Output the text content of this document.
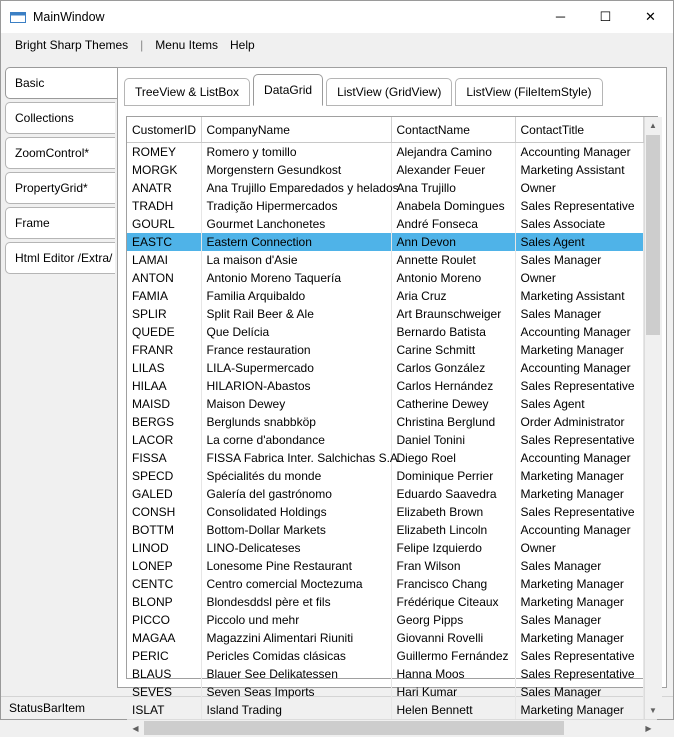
MainWindow	─	☐	✕
Bright Sharp Themes	|	Menu Items	Help
Basic
Collections
ZoomControl*
PropertyGrid*
Frame
Html Editor /Extra/
TreeView & ListBox DataGrid ListView (GridView) ListView (FileItemStyle)
CustomerID	CompanyName	ContactName	ContactTitle
ROMEY	Romero y tomillo	Alejandra Camino	Accounting Manager
MORGK	Morgenstern Gesundkost	Alexander Feuer	Marketing Assistant
ANATR	Ana Trujillo Emparedados y helados	Ana Trujillo	Owner
TRADH	Tradição Hipermercados	Anabela Domingues	Sales Representative
GOURL	Gourmet Lanchonetes	André Fonseca	Sales Associate
EASTC	Eastern Connection	Ann Devon	Sales Agent
LAMAI	La maison d'Asie	Annette Roulet	Sales Manager
ANTON	Antonio Moreno Taquería	Antonio Moreno	Owner
FAMIA	Familia Arquibaldo	Aria Cruz	Marketing Assistant
SPLIR	Split Rail Beer & Ale	Art Braunschweiger	Sales Manager
QUEDE	Que Delícia	Bernardo Batista	Accounting Manager
FRANR	France restauration	Carine Schmitt	Marketing Manager
LILAS	LILA-Supermercado	Carlos González	Accounting Manager
HILAA	HILARION-Abastos	Carlos Hernández	Sales Representative
MAISD	Maison Dewey	Catherine Dewey	Sales Agent
BERGS	Berglunds snabbköp	Christina Berglund	Order Administrator
LACOR	La corne d'abondance	Daniel Tonini	Sales Representative
FISSA	FISSA Fabrica Inter. Salchichas S.A.	Diego Roel	Accounting Manager
SPECD	Spécialités du monde	Dominique Perrier	Marketing Manager
GALED	Galería del gastrónomo	Eduardo Saavedra	Marketing Manager
CONSH	Consolidated Holdings	Elizabeth Brown	Sales Representative
BOTTM	Bottom-Dollar Markets	Elizabeth Lincoln	Accounting Manager
LINOD	LINO-Delicateses	Felipe Izquierdo	Owner
LONEP	Lonesome Pine Restaurant	Fran Wilson	Sales Manager
CENTC	Centro comercial Moctezuma	Francisco Chang	Marketing Manager
BLONP	Blondesddsl père et fils	Frédérique Citeaux	Marketing Manager
PICCO	Piccolo und mehr	Georg Pipps	Sales Manager
MAGAA	Magazzini Alimentari Riuniti	Giovanni Rovelli	Marketing Manager
PERIC	Pericles Comidas clásicas	Guillermo Fernández	Sales Representative
BLAUS	Blauer See Delikatessen	Hanna Moos	Sales Representative
SEVES	Seven Seas Imports	Hari Kumar	Sales Manager
ISLAT	Island Trading	Helen Bennett	Marketing Manager
▲
▼
◀	▶
StatusBarItem
